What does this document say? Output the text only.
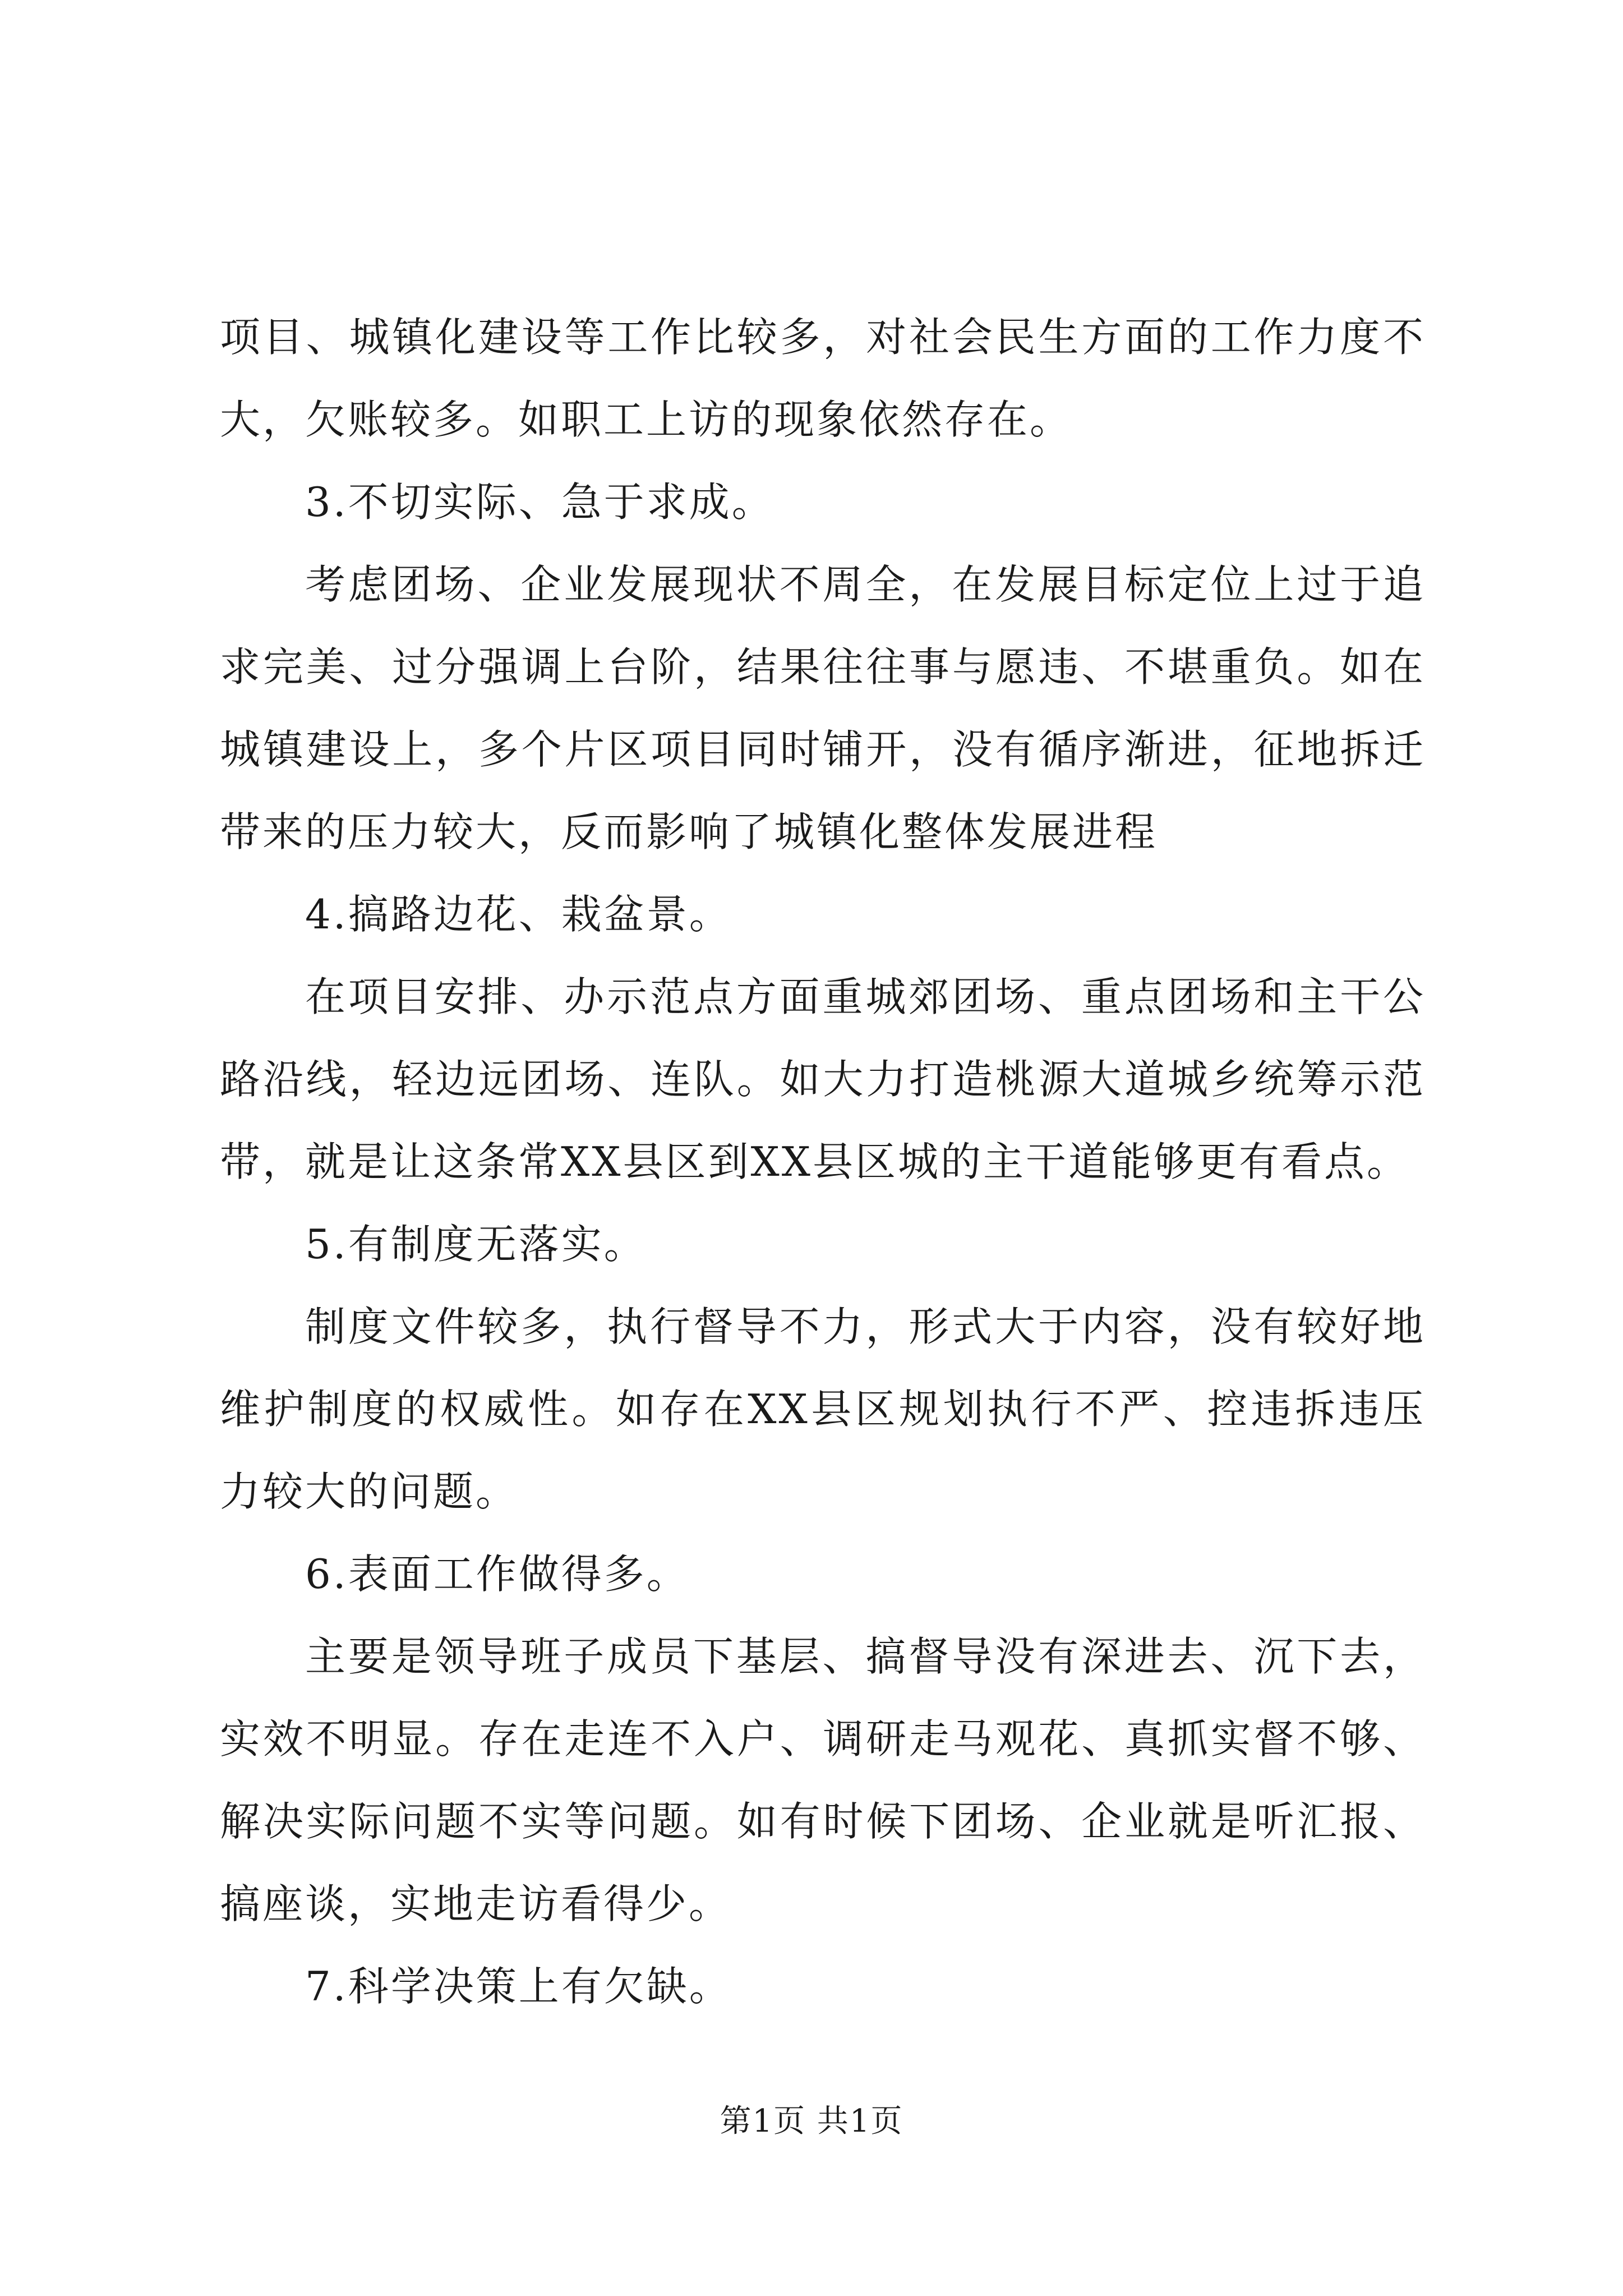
项目、城镇化建设等工作比较多，对社会民生方面的工作力度不大，欠账较多。如职工上访的现象依然存在。

3.不切实际、急于求成。

考虑团场、企业发展现状不周全，在发展目标定位上过于追求完美、过分强调上台阶，结果往往事与愿违、不堪重负。如在城镇建设上，多个片区项目同时铺开，没有循序渐进，征地拆迁带来的压力较大，反而影响了城镇化整体发展进程

4.搞路边花、栽盆景。

在项目安排、办示范点方面重城郊团场、重点团场和主干公路沿线，轻边远团场、连队。如大力打造桃源大道城乡统筹示范带，就是让这条常XX县区到XX县区城的主干道能够更有看点。

5.有制度无落实。

制度文件较多，执行督导不力，形式大于内容，没有较好地维护制度的权威性。如存在XX县区规划执行不严、控违拆违压力较大的问题。

6.表面工作做得多。

主要是领导班子成员下基层、搞督导没有深进去、沉下去，实效不明显。存在走连不入户、调研走马观花、真抓实督不够、解决实际问题不实等问题。如有时候下团场、企业就是听汇报、搞座谈，实地走访看得少。

7.科学决策上有欠缺。

第1页 共1页
